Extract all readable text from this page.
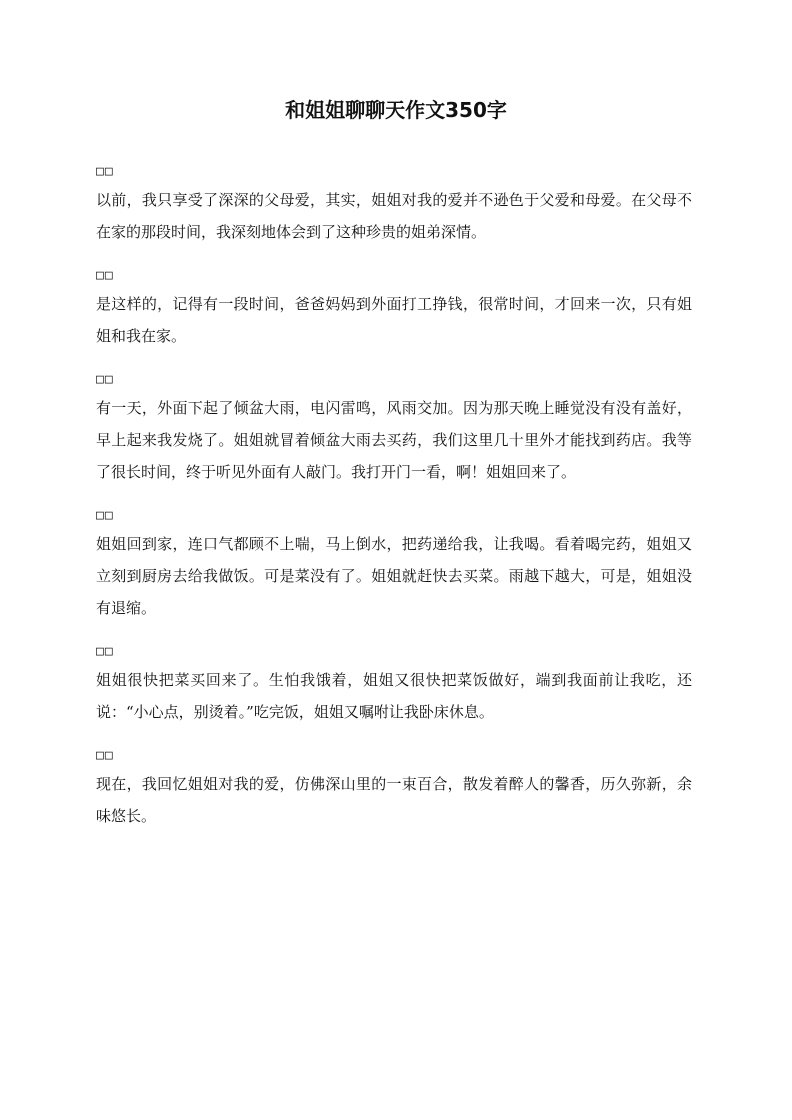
和姐姐聊聊天作文350字
□□

以前，我只享受了深深的父母爱，其实，姐姐对我的爱并不逊色于父爱和母爱。在父母不在家的那段时间，我深刻地体会到了这种珍贵的姐弟深情。

□□

是这样的，记得有一段时间，爸爸妈妈到外面打工挣钱，很常时间，才回来一次，只有姐姐和我在家。

□□

有一天，外面下起了倾盆大雨，电闪雷鸣，风雨交加。因为那天晚上睡觉没有没有盖好，早上起来我发烧了。姐姐就冒着倾盆大雨去买药，我们这里几十里外才能找到药店。我等了很长时间，终于听见外面有人敲门。我打开门一看，啊！姐姐回来了。

□□

姐姐回到家，连口气都顾不上喘，马上倒水，把药递给我，让我喝。看着喝完药，姐姐又立刻到厨房去给我做饭。可是菜没有了。姐姐就赶快去买菜。雨越下越大，可是，姐姐没有退缩。

□□

姐姐很快把菜买回来了。生怕我饿着，姐姐又很快把菜饭做好，端到我面前让我吃，还说：“小心点，别烫着。”吃完饭，姐姐又嘱咐让我卧床休息。

□□

现在，我回忆姐姐对我的爱，仿佛深山里的一束百合，散发着醉人的馨香，历久弥新，余味悠长。
